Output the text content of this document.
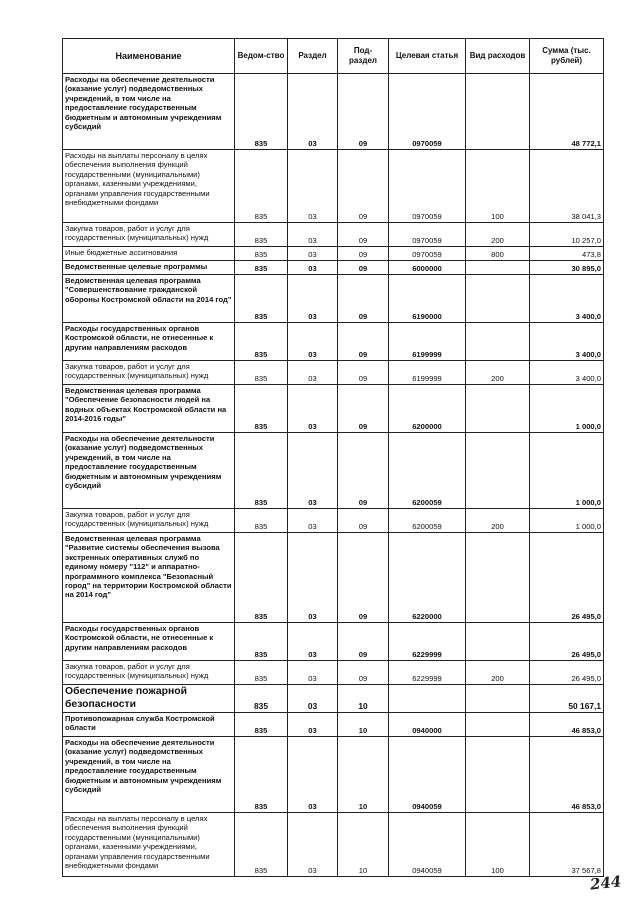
Наименование	Ведом-ство	Раздел	Под-раздел	Целевая статья	Вид расходов	Сумма (тыс. рублей)
Расходы на обеспечение деятельности (оказание услуг) подведомственных учреждений, в том числе на предоставление государственным бюджетным и автономным учреждениям субсидий	835	03	09	0970059		48 772,1
Расходы на выплаты персоналу в целях обеспечения выполнения функций государственными (муниципальными) органами, казенными учреждениями, органами управления государственными внебюджетными фондами	835	03	09	0970059	100	38 041,3
Закупка товаров, работ и услуг для государственных (муниципальных) нужд	835	03	09	0970059	200	10 257,0
Иные бюджетные ассигнования	835	03	09	0970059	800	473,8
Ведомственные целевые программы	835	03	09	6000000		30 895,0
Ведомственная целевая программа "Совершенствование гражданской обороны Костромской области на 2014 год"	835	03	09	6190000		3 400,0
Расходы государственных органов Костромской области, не отнесенные к другим направлениям расходов	835	03	09	6199999		3 400,0
Закупка товаров, работ и услуг для государственных (муниципальных) нужд	835	03	09	6199999	200	3 400,0
Ведомственная целевая программа "Обеспечение безопасности людей на водных объектах Костромской области на 2014-2016 годы"	835	03	09	6200000		1 000,0
Расходы на обеспечение деятельности (оказание услуг) подведомственных учреждений, в том числе на предоставление государственным бюджетным и автономным учреждениям субсидий	835	03	09	6200059		1 000,0
Закупка товаров, работ и услуг для государственных (муниципальных) нужд	835	03	09	6200059	200	1 000,0
Ведомственная целевая программа "Развитие системы обеспечения вызова экстренных оперативных служб по единому номеру "112" и аппаратно-программного комплекса "Безопасный город" на территории Костромской области на 2014 год"	835	03	09	6220000		26 495,0
Расходы государственных органов Костромской области, не отнесенные к другим направлениям расходов	835	03	09	6229999		26 495,0
Закупка товаров, работ и услуг для государственных (муниципальных) нужд	835	03	09	6229999	200	26 495,0
Обеспечение пожарной безопасности	835	03	10			50 167,1
Противопожарная служба Костромской области	835	03	10	0940000		46 853,0
Расходы на обеспечение деятельности (оказание услуг) подведомственных учреждений, в том числе на предоставление государственным бюджетным и автономным учреждениям субсидий	835	03	10	0940059		46 853,0
Расходы на выплаты персоналу в целях обеспечения выполнения функций государственными (муниципальными) органами, казенными учреждениями, органами управления государственными внебюджетными фондами	835	03	10	0940059	100	37 567,8
244
